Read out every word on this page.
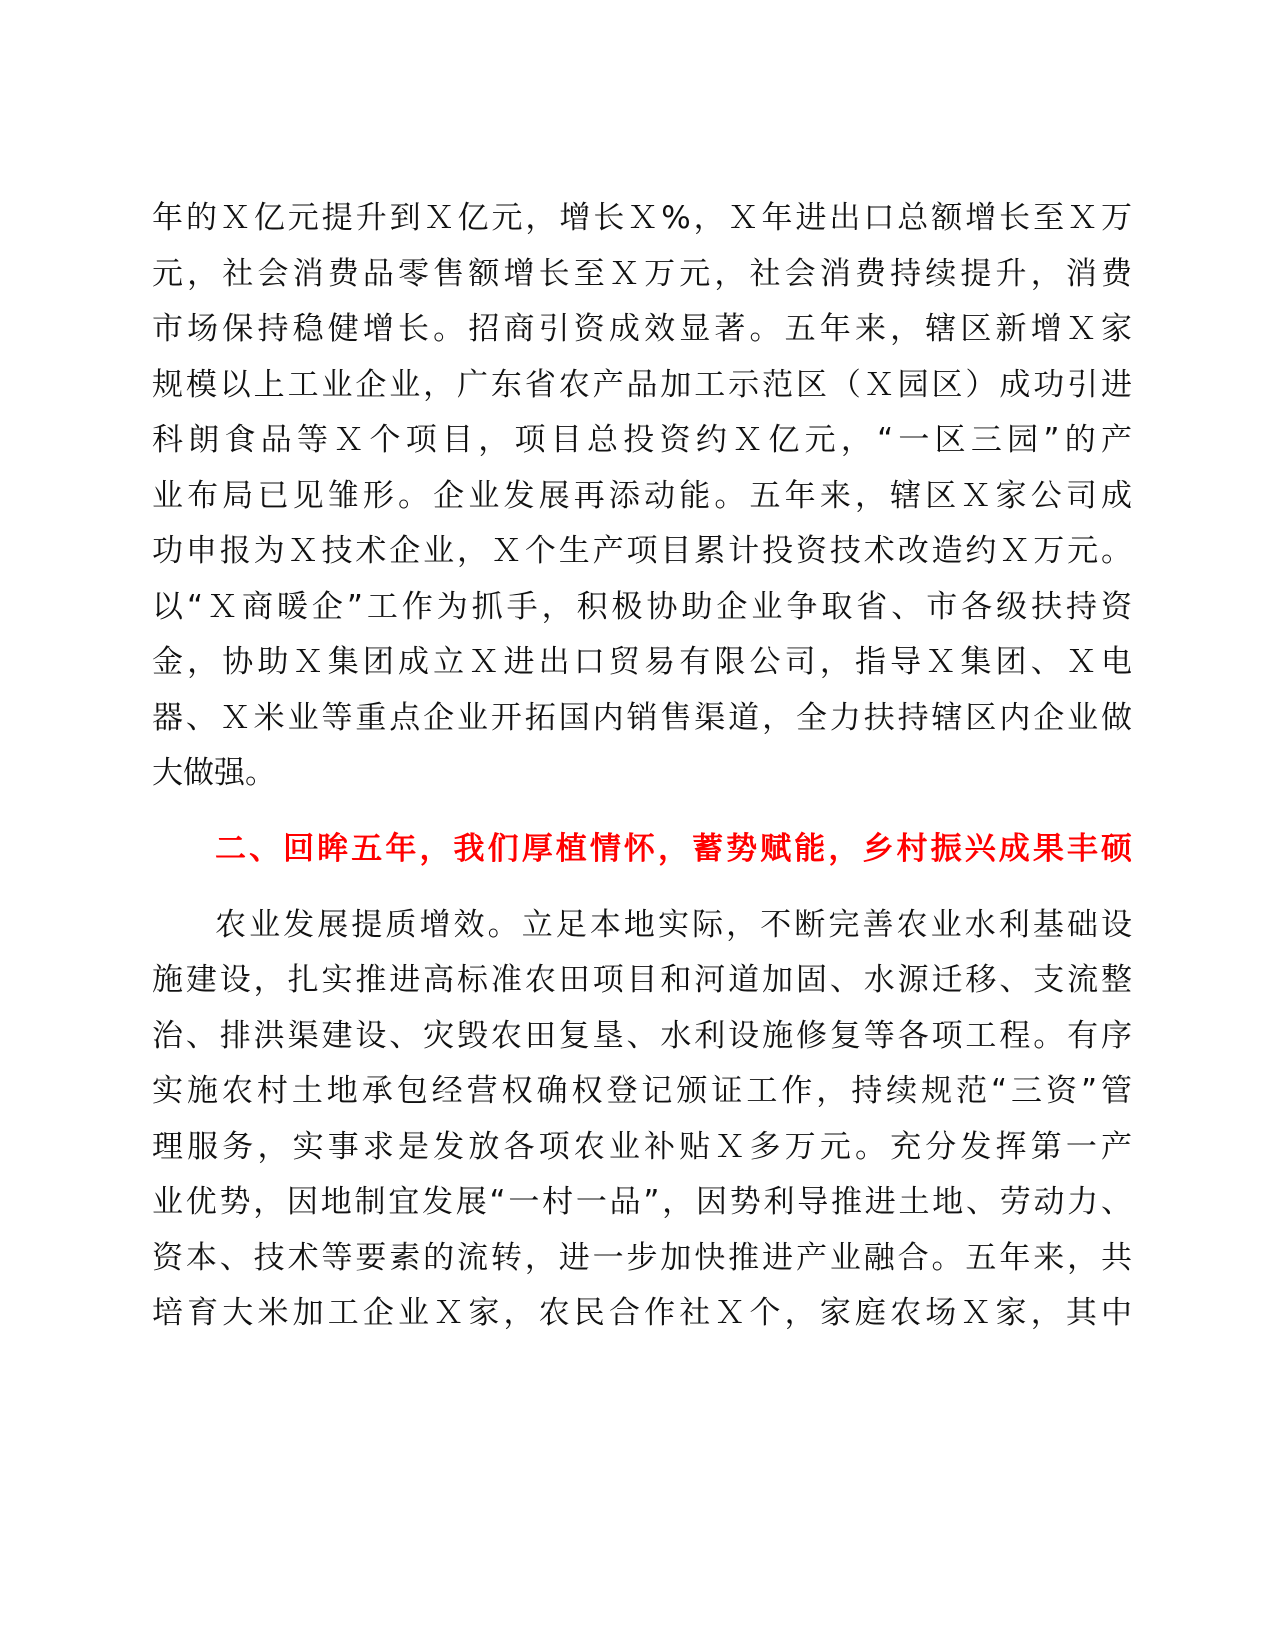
年的Ｘ亿元提升到Ｘ亿元，增长Ｘ%，Ｘ年进出口总额增长至Ｘ万
元，社会消费品零售额增长至Ｘ万元，社会消费持续提升，消费
市场保持稳健增长。招商引资成效显著。五年来，辖区新增Ｘ家
规模以上工业企业，广东省农产品加工示范区（Ｘ园区）成功引进
科朗食品等Ｘ个项目，项目总投资约Ｘ亿元，“一区三园”的产
业布局已见雏形。企业发展再添动能。五年来，辖区Ｘ家公司成
功申报为Ｘ技术企业，Ｘ个生产项目累计投资技术改造约Ｘ万元。
以“Ｘ商暖企”工作为抓手，积极协助企业争取省、市各级扶持资
金，协助Ｘ集团成立Ｘ进出口贸易有限公司，指导Ｘ集团、Ｘ电
器、Ｘ米业等重点企业开拓国内销售渠道，全力扶持辖区内企业做
大做强。
二、回眸五年，我们厚植情怀，蓄势赋能，乡村振兴成果丰硕
农业发展提质增效。立足本地实际，不断完善农业水利基础设
施建设，扎实推进高标准农田项目和河道加固、水源迁移、支流整
治、排洪渠建设、灾毁农田复垦、水利设施修复等各项工程。有序
实施农村土地承包经营权确权登记颁证工作，持续规范“三资”管
理服务，实事求是发放各项农业补贴Ｘ多万元。充分发挥第一产
业优势，因地制宜发展“一村一品”，因势利导推进土地、劳动力、
资本、技术等要素的流转，进一步加快推进产业融合。五年来，共
培育大米加工企业Ｘ家，农民合作社Ｘ个，家庭农场Ｘ家，其中
